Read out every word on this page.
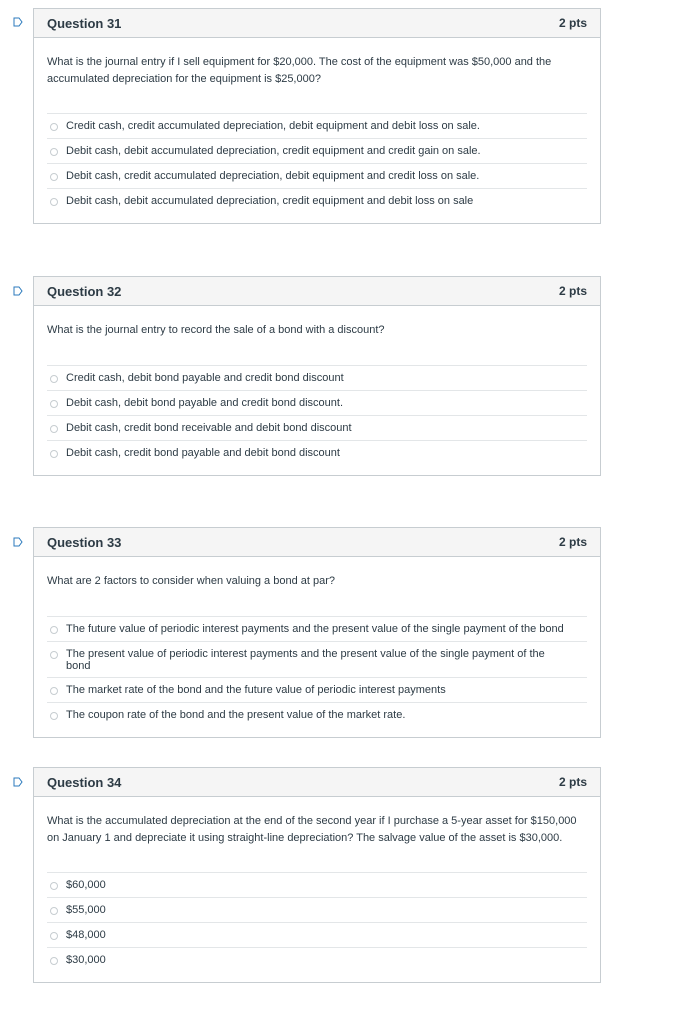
Question 31	2 pts

What is the journal entry if I sell equipment for $20,000. The cost of the equipment was $50,000 and the accumulated depreciation for the equipment is $25,000?

Credit cash, credit accumulated depreciation, debit equipment and debit loss on sale.
Debit cash, debit accumulated depreciation, credit equipment and credit gain on sale.
Debit cash, credit accumulated depreciation, debit equipment and credit loss on sale.
Debit cash, debit accumulated depreciation, credit equipment and debit loss on sale
Question 32	2 pts

What is the journal entry to record the sale of a bond with a discount?

Credit cash, debit bond payable and credit bond discount
Debit cash, debit bond payable and credit bond discount.
Debit cash, credit bond receivable and debit bond discount
Debit cash, credit bond payable and debit bond discount
Question 33	2 pts

What are 2 factors to consider when valuing a bond at par?

The future value of periodic interest payments and the present value of the single payment of the bond
The present value of periodic interest payments and the present value of the single payment of the bond
The market rate of the bond and the future value of periodic interest payments
The coupon rate of the bond and the present value of the market rate.
Question 34	2 pts

What is the accumulated depreciation at the end of the second year if I purchase a 5-year asset for $150,000 on January 1 and depreciate it using straight-line depreciation? The salvage value of the asset is $30,000.

$60,000
$55,000
$48,000
$30,000
